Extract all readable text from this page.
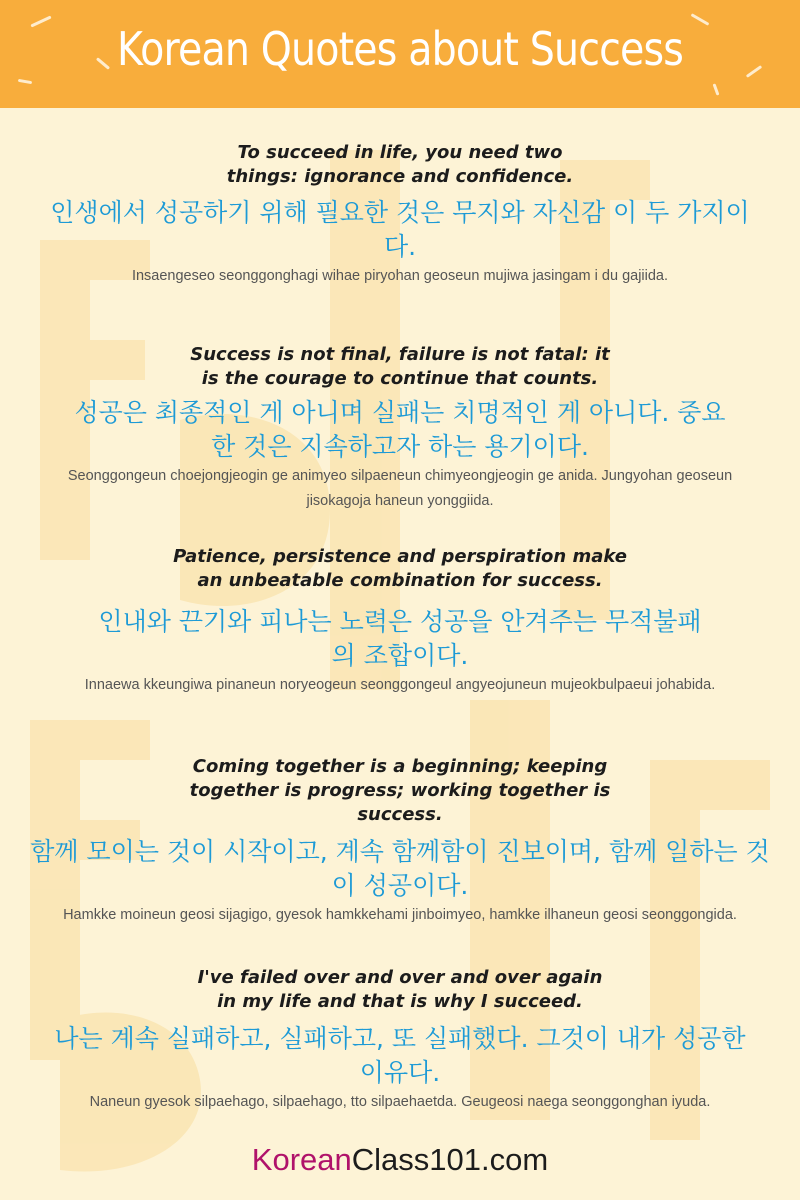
Korean Quotes about Success
To succeed in life, you need two things: ignorance and confidence.
인생에서 성공하기 위해 필요한 것은 무지와 자신감 이 두 가지이다.
Insaengeseo seonggonghagi wihae piryohan geoseun mujiwa jasingam i du gajiida.
Success is not final, failure is not fatal: it is the courage to continue that counts.
성공은 최종적인 게 아니며 실패는 치명적인 게 아니다. 중요한 것은 지속하고자 하는 용기이다.
Seonggongeun choejongjeogin ge animyeo silpaeneun chimyeongjeogin ge anida. Jungyohan geoseun jisokagoja haneun yonggiida.
Patience, persistence and perspiration make an unbeatable combination for success.
인내와 끈기와 피나는 노력은 성공을 안겨주는 무적불패의 조합이다.
Innaewa kkeungiwa pinaneun noryeogeun seonggongeul angyeojuneun mujeokbulpaeui johabida.
Coming together is a beginning; keeping together is progress; working together is success.
함께 모이는 것이 시작이고, 계속 함께함이 진보이며, 함께 일하는 것이 성공이다.
Hamkke moineun geosi sijagigo, gyesok hamkkehami jinboimyeo, hamkke ilhaneun geosi seonggongida.
I've failed over and over and over again in my life and that is why I succeed.
나는 계속 실패하고, 실패하고, 또 실패했다. 그것이 내가 성공한 이유다.
Naneun gyesok silpaehago, silpaehago, tto silpaehaetda. Geugeosi naega seonggonghan iyuda.
KoreanClass101.com
